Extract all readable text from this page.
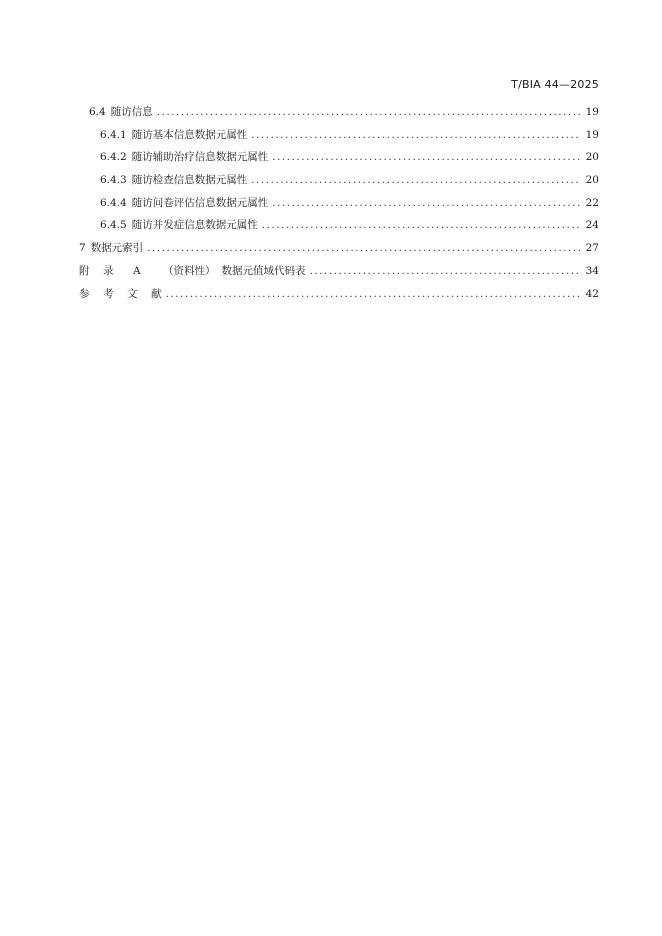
T/BIA 44—2025
6.4 随访信息 .....	19
6.4.1 随访基本信息数据元属性 .....	19
6.4.2 随访辅助治疗信息数据元属性 .....	20
6.4.3 随访检查信息数据元属性 .....	20
6.4.4 随访问卷评估信息数据元属性 .....	22
6.4.5 随访并发症信息数据元属性 .....	24
7 数据元索引 .....	27
附 录 A （资料性） 数据元值域代码表 .....	34
参 考 文 献 .....	42
